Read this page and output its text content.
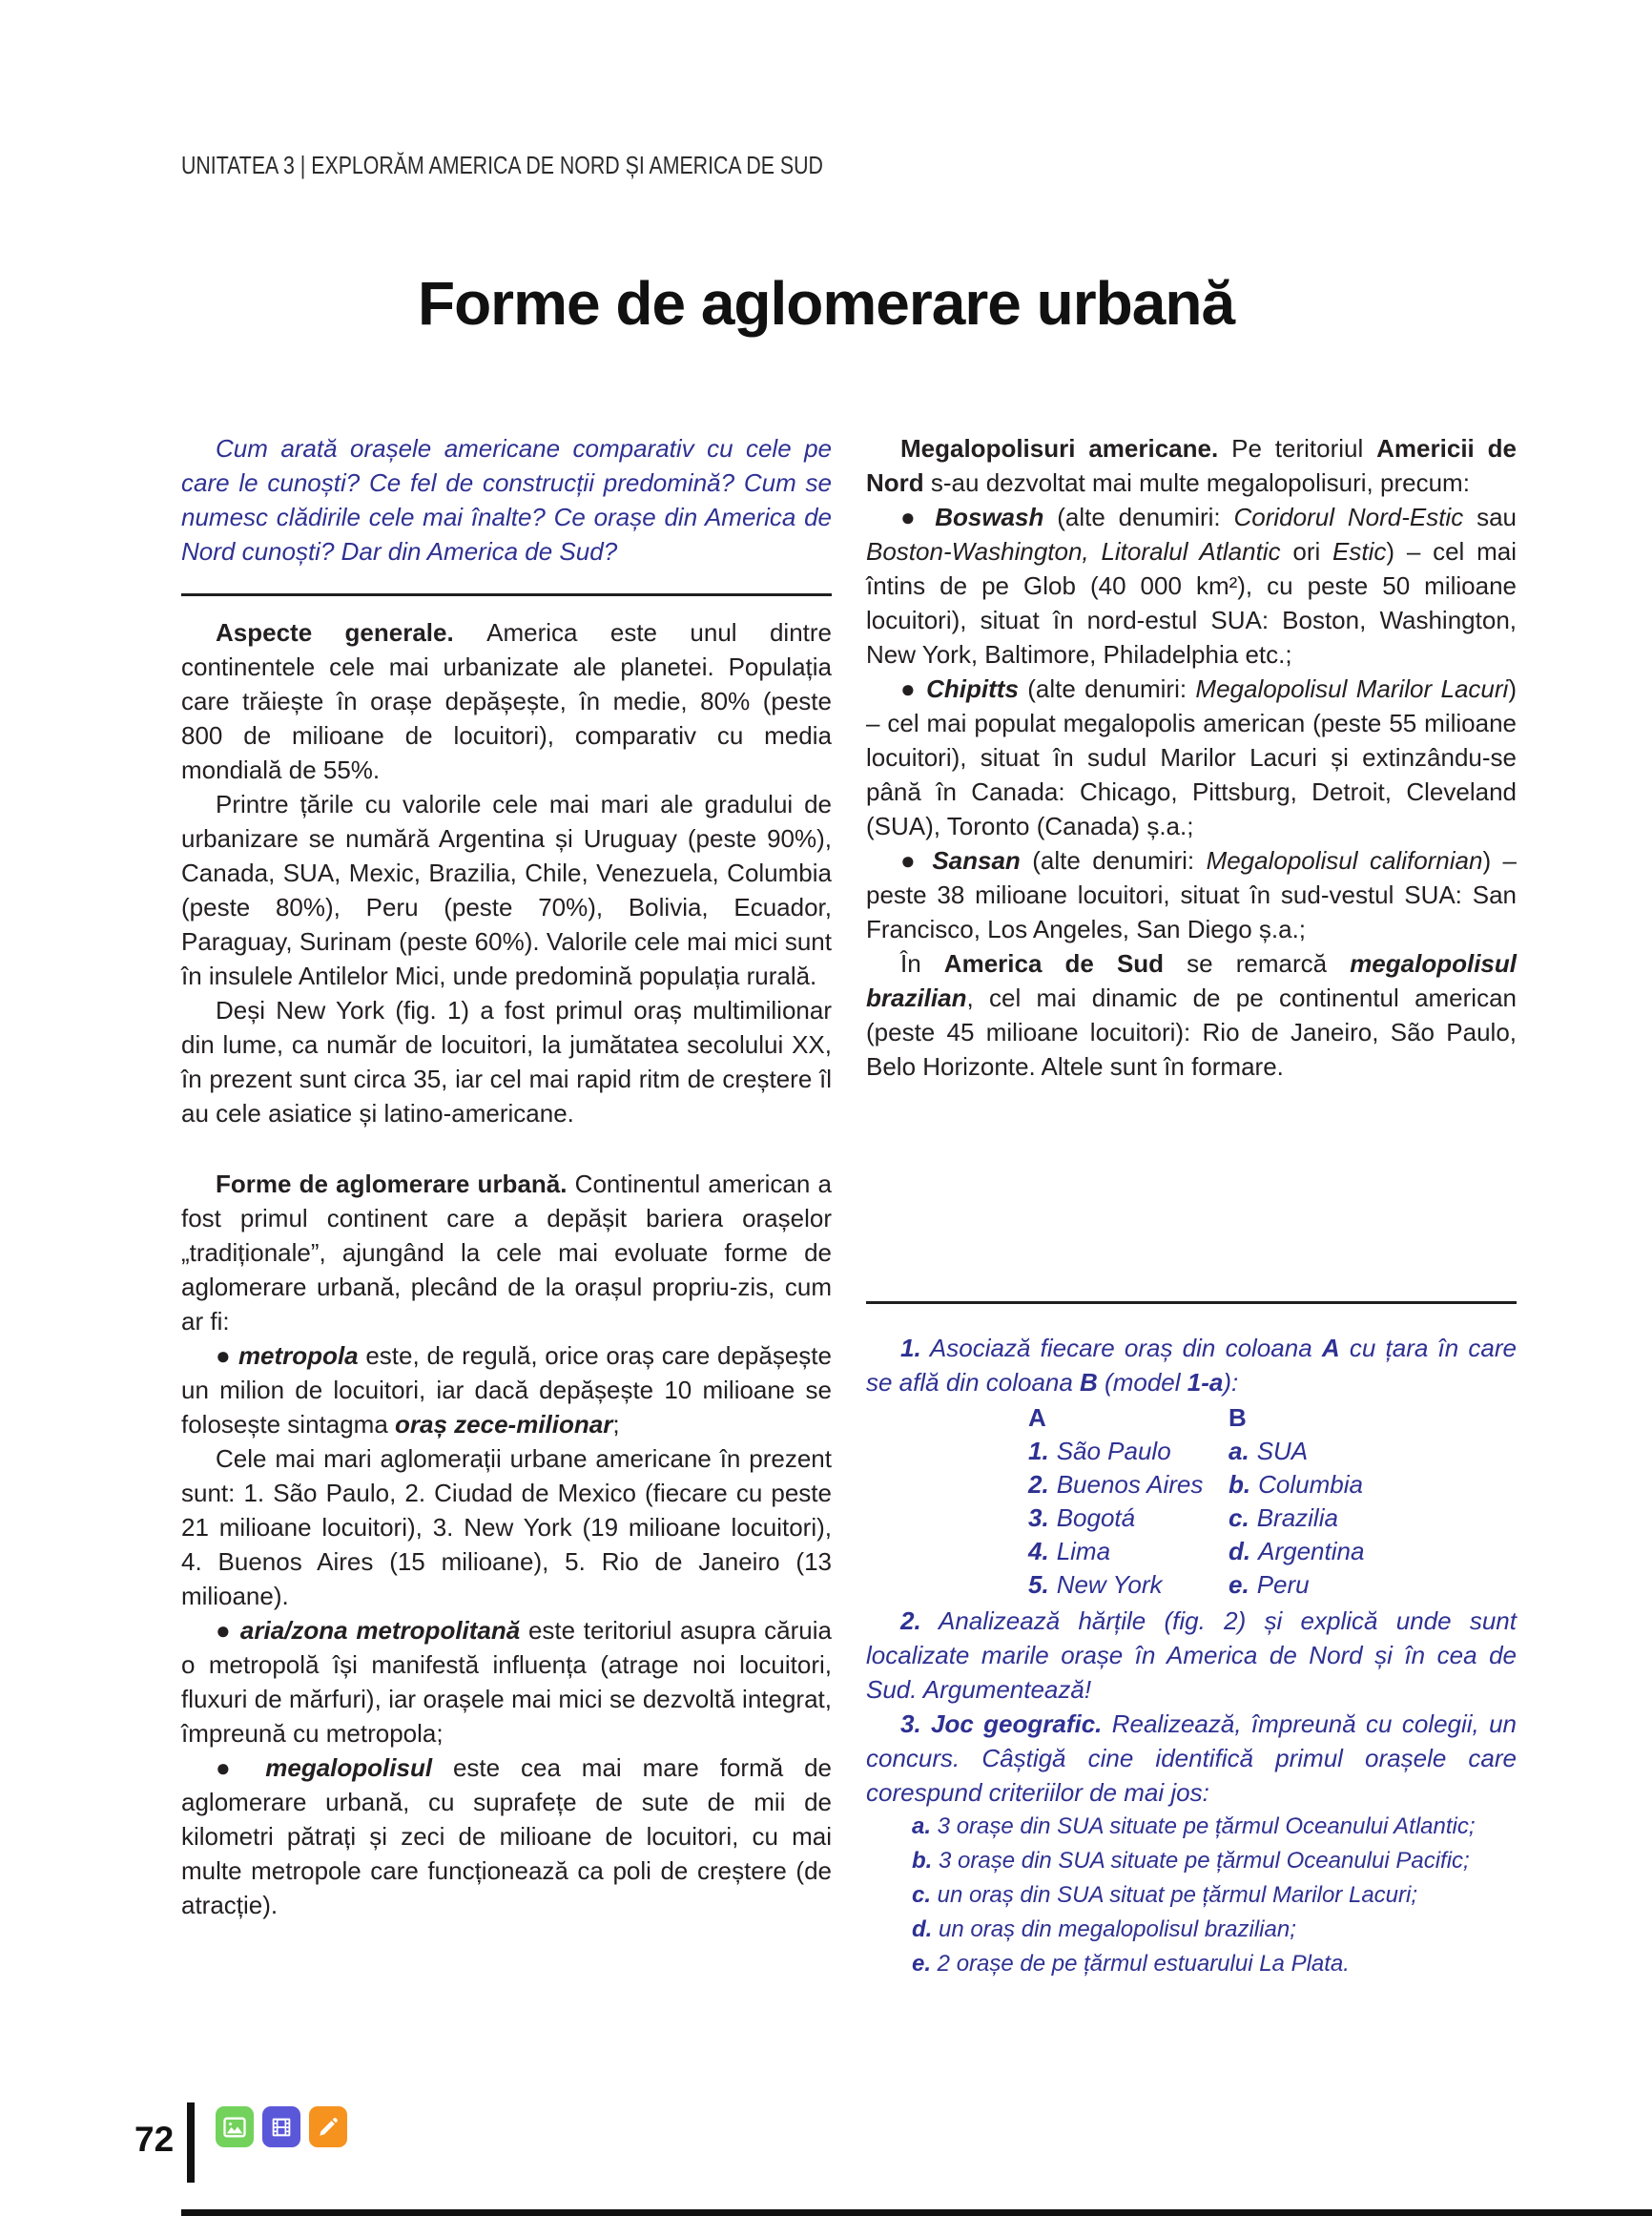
UNITATEA 3 | EXPLORĂM AMERICA DE NORD ȘI AMERICA DE SUD
Forme de aglomerare urbană

Cum arată orașele americane comparativ cu cele pe care le cunoști? Ce fel de construcții predomină? Cum se numesc clădirile cele mai înalte? Ce orașe din America de Nord cunoști? Dar din America de Sud?

Aspecte generale. America este unul dintre continentele cele mai urbanizate ale planetei. Populația care trăiește în orașe depășește, în medie, 80% (peste 800 de milioane de locuitori), comparativ cu media mondială de 55%.

Printre țările cu valorile cele mai mari ale gradului de urbanizare se numără Argentina și Uruguay (peste 90%), Canada, SUA, Mexic, Brazilia, Chile, Venezuela, Columbia (peste 80%), Peru (peste 70%), Bolivia, Ecuador, Paraguay, Surinam (peste 60%). Valorile cele mai mici sunt în insulele Antilelor Mici, unde predomină populația rurală.

Deși New York (fig. 1) a fost primul oraș multimilionar din lume, ca număr de locuitori, la jumătatea secolului XX, în prezent sunt circa 35, iar cel mai rapid ritm de creștere îl au cele asiatice și latino-americane.

Forme de aglomerare urbană. Continentul american a fost primul continent care a depășit bariera orașelor „tradiționale”, ajungând la cele mai evoluate forme de aglomerare urbană, plecând de la orașul propriu-zis, cum ar fi:

● metropola este, de regulă, orice oraș care depășește un milion de locuitori, iar dacă depășește 10 milioane se folosește sintagma oraș zece-milionar;

Cele mai mari aglomerații urbane americane în prezent sunt: 1. São Paulo, 2. Ciudad de Mexico (fiecare cu peste 21 milioane locuitori), 3. New York (19 milioane locuitori), 4. Buenos Aires (15 milioane), 5. Rio de Janeiro (13 milioane).

● aria/zona metropolitană este teritoriul asupra căruia o metropolă își manifestă influența (atrage noi locuitori, fluxuri de mărfuri), iar orașele mai mici se dezvoltă integrat, împreună cu metropola;

● megalopolisul este cea mai mare formă de aglomerare urbană, cu suprafețe de sute de mii de kilometri pătrați și zeci de milioane de locuitori, cu mai multe metropole care funcționează ca poli de creștere (de atracție).

Megalopolisuri americane. Pe teritoriul Americii de Nord s-au dezvoltat mai multe megalopolisuri, precum:

● Boswash (alte denumiri: Coridorul Nord-Estic sau Boston-Washington, Litoralul Atlantic ori Estic) – cel mai întins de pe Glob (40 000 km²), cu peste 50 milioane locuitori), situat în nord-estul SUA: Boston, Washington, New York, Baltimore, Philadelphia etc.;

● Chipitts (alte denumiri: Megalopolisul Marilor Lacuri) – cel mai populat megalopolis american (peste 55 milioane locuitori), situat în sudul Marilor Lacuri și extinzându-se până în Canada: Chicago, Pittsburg, Detroit, Cleveland (SUA), Toronto (Canada) ș.a.;

● Sansan (alte denumiri: Megalopolisul californian) – peste 38 milioane locuitori, situat în sud-vestul SUA: San Francisco, Los Angeles, San Diego ș.a.;

În America de Sud se remarcă megalopolisul brazilian, cel mai dinamic de pe continentul american (peste 45 milioane locuitori): Rio de Janeiro, São Paulo, Belo Horizonte. Altele sunt în formare.

1. Asociază fiecare oraș din coloana A cu țara în care se află din coloana B (model 1-a):

A	B
1. São Paulo a. SUA
2. Buenos Aires b. Columbia
3. Bogotá	c. Brazilia
4. Lima	d. Argentina
5. New York	e. Peru

2. Analizează hărțile (fig. 2) și explică unde sunt localizate marile orașe în America de Nord și în cea de Sud. Argumentează!

3. Joc geografic. Realizează, împreună cu colegii, un concurs. Câștigă cine identifică primul orașele care corespund criteriilor de mai jos:

a. 3 orașe din SUA situate pe țărmul Oceanului Atlantic;
b. 3 orașe din SUA situate pe țărmul Oceanului Pacific;
c. un oraș din SUA situat pe țărmul Marilor Lacuri;
d. un oraș din megalopolisul brazilian;
e. 2 orașe de pe țărmul estuarului La Plata.
72
